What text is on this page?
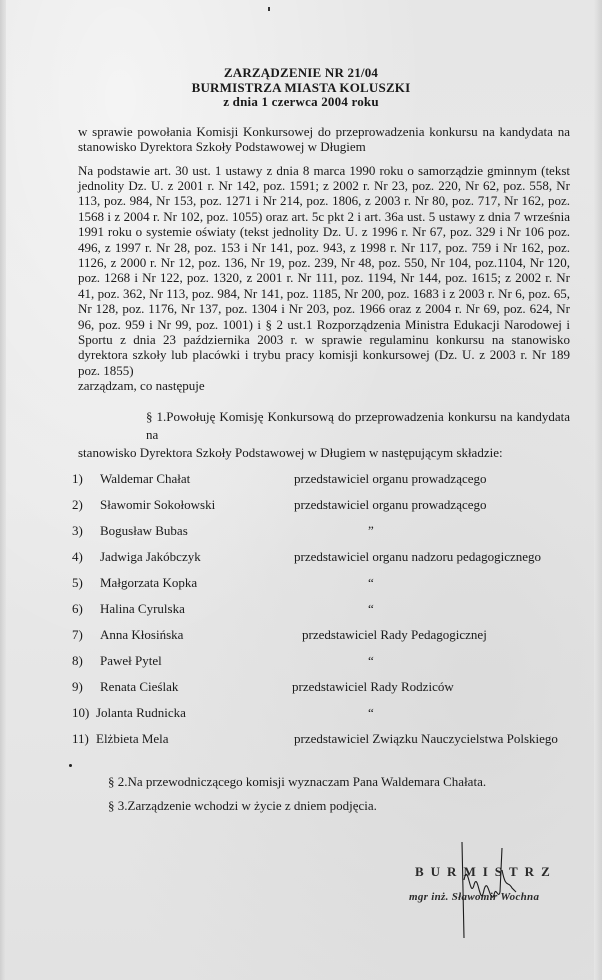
ZARZĄDZENIE NR 21/04
BURMISTRZA MIASTA KOLUSZKI
z dnia 1 czerwca 2004 roku
w sprawie powołania Komisji Konkursowej do przeprowadzenia konkursu na kandydata na stanowisko Dyrektora Szkoły Podstawowej w Długiem
Na podstawie art. 30 ust. 1 ustawy z dnia 8 marca 1990 roku o samorządzie gminnym (tekst jednolity Dz. U. z 2001 r. Nr 142, poz. 1591; z 2002 r. Nr 23, poz. 220, Nr 62, poz. 558, Nr 113, poz. 984, Nr 153, poz. 1271 i Nr 214, poz. 1806, z 2003 r. Nr 80, poz. 717, Nr 162, poz. 1568 i z 2004 r. Nr 102, poz. 1055) oraz art. 5c pkt 2 i art. 36a ust. 5 ustawy z dnia 7 września 1991 roku o systemie oświaty (tekst jednolity Dz. U. z 1996 r. Nr 67, poz. 329 i Nr 106 poz. 496, z 1997 r. Nr 28, poz. 153 i Nr 141, poz. 943, z 1998 r. Nr 117, poz. 759 i Nr 162, poz. 1126, z 2000 r. Nr 12, poz. 136, Nr 19, poz. 239, Nr 48, poz. 550, Nr 104, poz.1104, Nr 120, poz. 1268 i Nr 122, poz. 1320, z 2001 r. Nr 111, poz. 1194, Nr 144, poz. 1615; z 2002 r. Nr 41, poz. 362, Nr 113, poz. 984, Nr 141, poz. 1185, Nr 200, poz. 1683 i z 2003 r. Nr 6, poz. 65, Nr 128, poz. 1176, Nr 137, poz. 1304 i Nr 203, poz. 1966 oraz z 2004 r. Nr 69, poz. 624, Nr 96, poz. 959 i Nr 99, poz. 1001) i § 2 ust.1 Rozporządzenia Ministra Edukacji Narodowej i Sportu z dnia 23 października 2003 r. w sprawie regulaminu konkursu na stanowisko dyrektora szkoły lub placówki i trybu pracy komisji konkursowej (Dz. U. z 2003 r. Nr 189 poz. 1855)
zarządzam, co następuje
§ 1.Powołuję Komisję Konkursową do przeprowadzenia konkursu na kandydata na
stanowisko Dyrektora Szkoły Podstawowej w Długiem w następującym składzie:
1) Waldemar Chałat	przedstawiciel organu prowadzącego
2) Sławomir Sokołowski	przedstawiciel organu prowadzącego
3) Bogusław Bubas	”
4) Jadwiga Jakóbczyk	przedstawiciel organu nadzoru pedagogicznego
5) Małgorzata Kopka	“
6) Halina Cyrulska	“
7) Anna Kłosińska	przedstawiciel Rady Pedagogicznej
8) Paweł Pytel	“
9) Renata Cieślak	przedstawiciel Rady Rodziców
10) Jolanta Rudnicka	“
11) Elżbieta Mela	przedstawiciel Związku Nauczycielstwa Polskiego
§ 2.Na przewodniczącego komisji wyznaczam Pana Waldemara Chałata.
§ 3.Zarządzenie wchodzi w życie z dniem podjęcia.
BURMISTRZ
mgr inż. Sławomir Wochna
